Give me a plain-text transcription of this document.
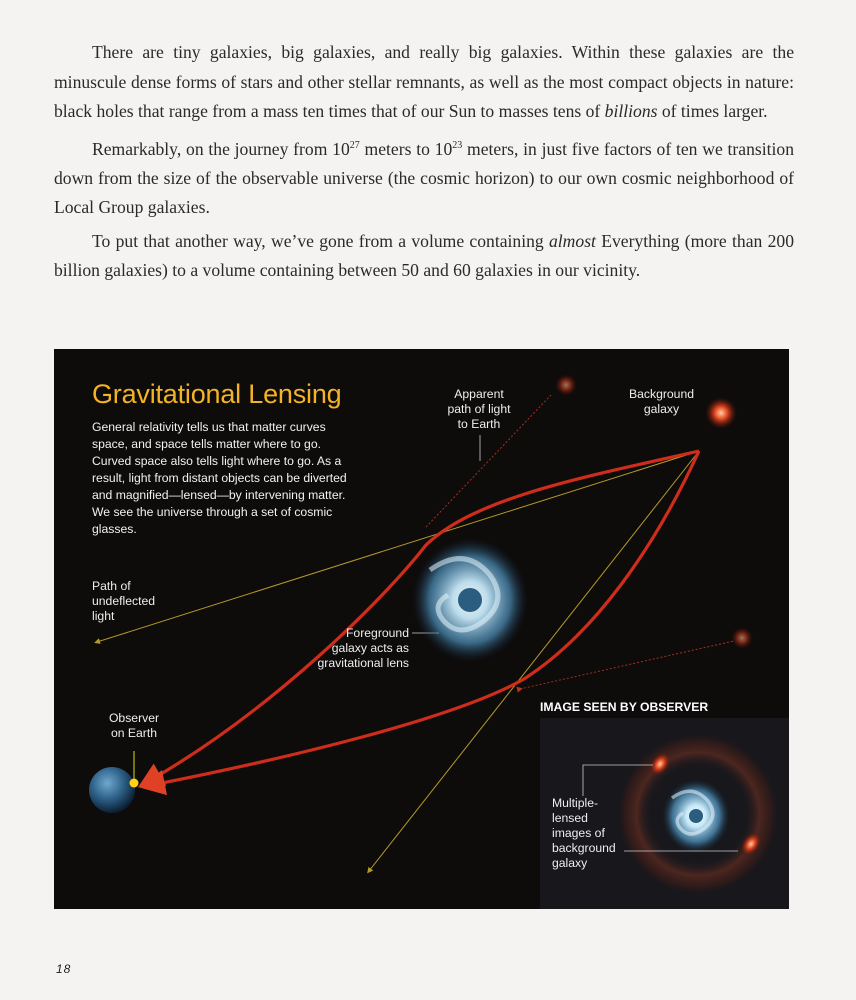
There are tiny galaxies, big galaxies, and really big galaxies. Within these galaxies are the minuscule dense forms of stars and other stellar remnants, as well as the most compact objects in nature: black holes that range from a mass ten times that of our Sun to masses tens of billions of times larger.

Remarkably, on the journey from $10^{27}$ meters to $10^{23}$ meters, in just five factors of ten we transition down from the size of the observable universe (the cosmic horizon) to our own cosmic neighborhood of Local Group galaxies.

To put that another way, we’ve gone from a volume containing almost Everything (more than 200 billion galaxies) to a volume containing between 50 and 60 galaxies in our vicinity.

Gravitational Lensing

General relativity tells us that matter curves space, and space tells matter where to go. Curved space also tells light where to go. As a result, light from distant objects can be diverted and magnified—lensed—by intervening matter. We see the universe through a set of cosmic glasses.

Apparent
path of light
to Earth
Background
galaxy
Path of
undeflected
light
Foreground
galaxy acts as
gravitational lens
Observer
on Earth

IMAGE SEEN BY OBSERVER

Multiple-
lensed
images of
background
galaxy

18
